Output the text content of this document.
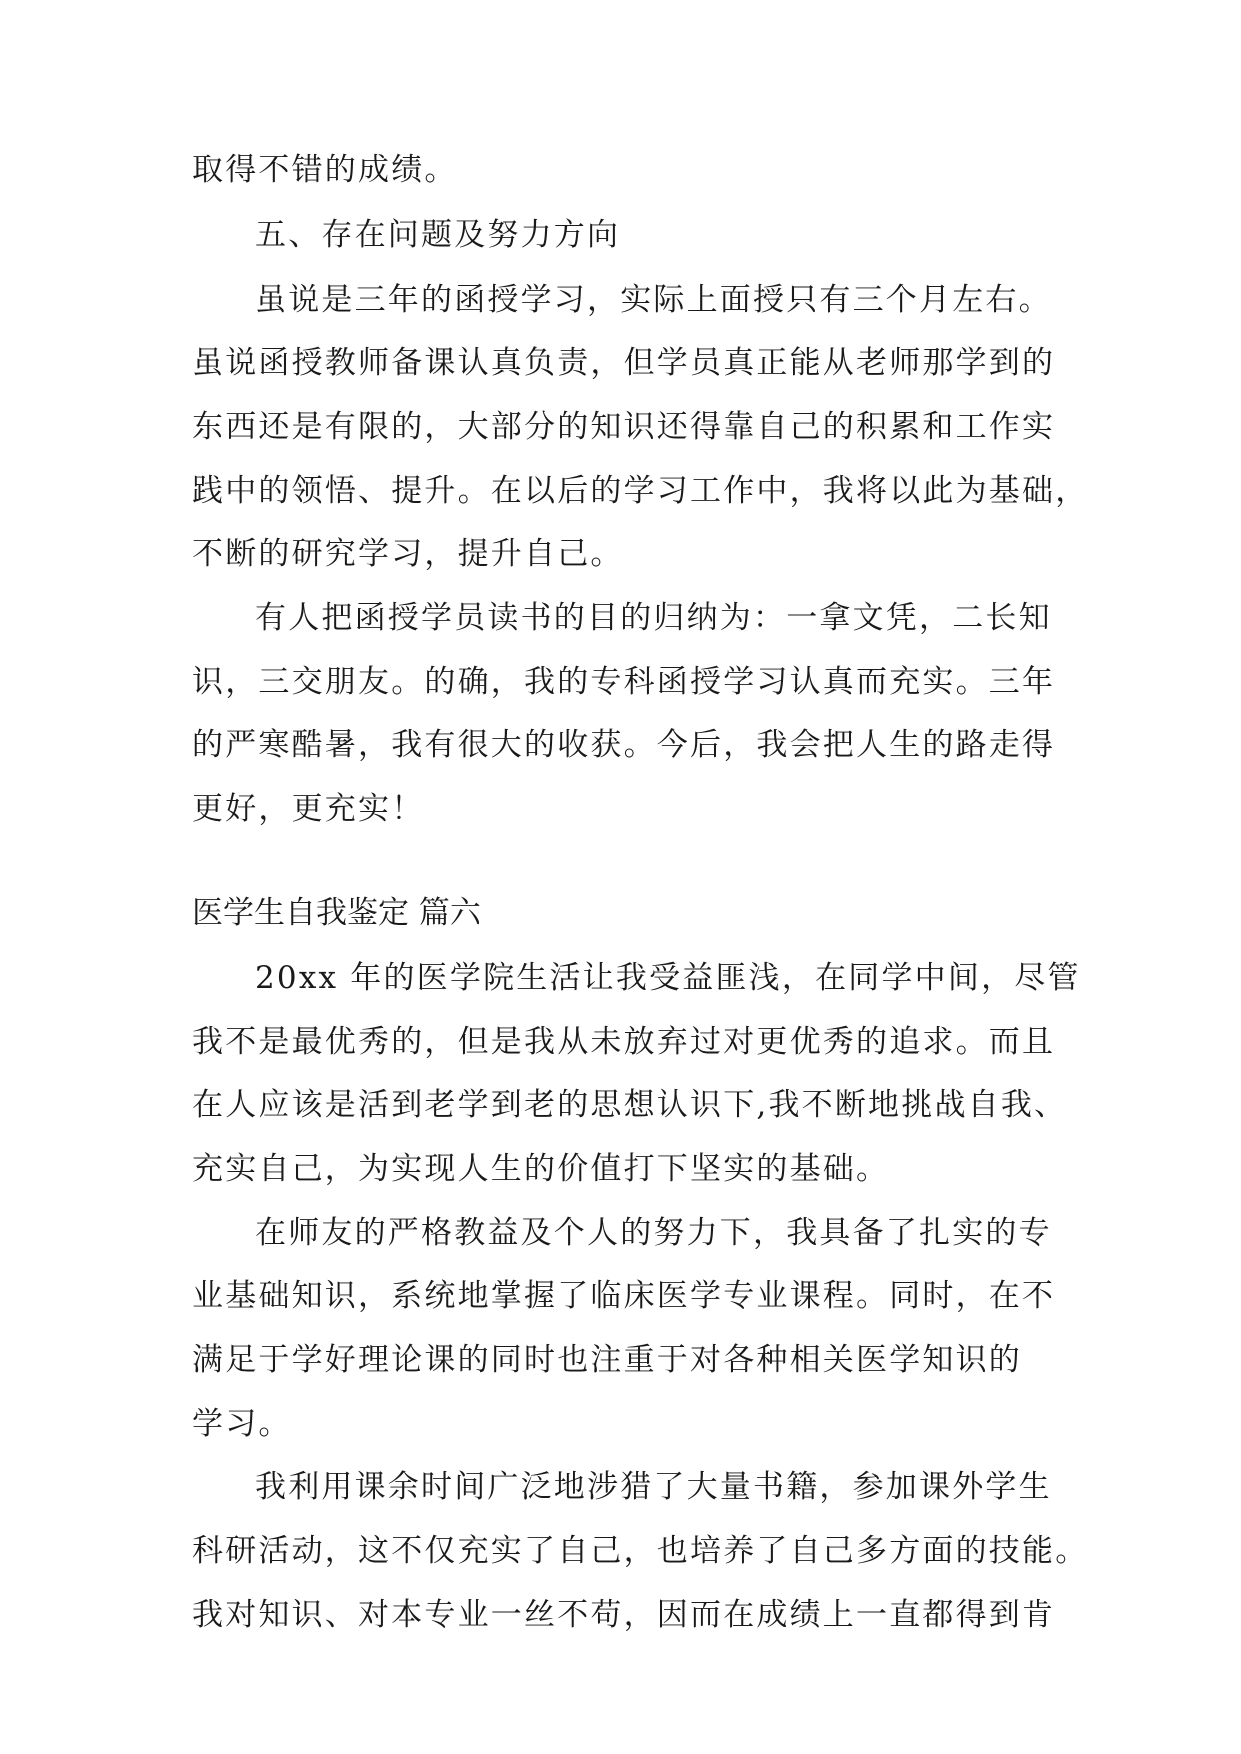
取得不错的成绩。
五、存在问题及努力方向
虽说是三年的函授学习，实际上面授只有三个月左右。
虽说函授教师备课认真负责，但学员真正能从老师那学到的
东西还是有限的，大部分的知识还得靠自己的积累和工作实
践中的领悟、提升。在以后的学习工作中，我将以此为基础，
不断的研究学习，提升自己。
有人把函授学员读书的目的归纳为：一拿文凭，二长知
识，三交朋友。的确，我的专科函授学习认真而充实。三年
的严寒酷暑，我有很大的收获。今后，我会把人生的路走得
更好，更充实！
医学生自我鉴定 篇六
20xx 年的医学院生活让我受益匪浅，在同学中间，尽管
我不是最优秀的，但是我从未放弃过对更优秀的追求。而且
在人应该是活到老学到老的思想认识下,我不断地挑战自我、
充实自己，为实现人生的价值打下坚实的基础。
在师友的严格教益及个人的努力下，我具备了扎实的专
业基础知识，系统地掌握了临床医学专业课程。同时，在不
满足于学好理论课的同时也注重于对各种相关医学知识的
学习。
我利用课余时间广泛地涉猎了大量书籍，参加课外学生
科研活动，这不仅充实了自己，也培养了自己多方面的技能。
我对知识、对本专业一丝不苟，因而在成绩上一直都得到肯
